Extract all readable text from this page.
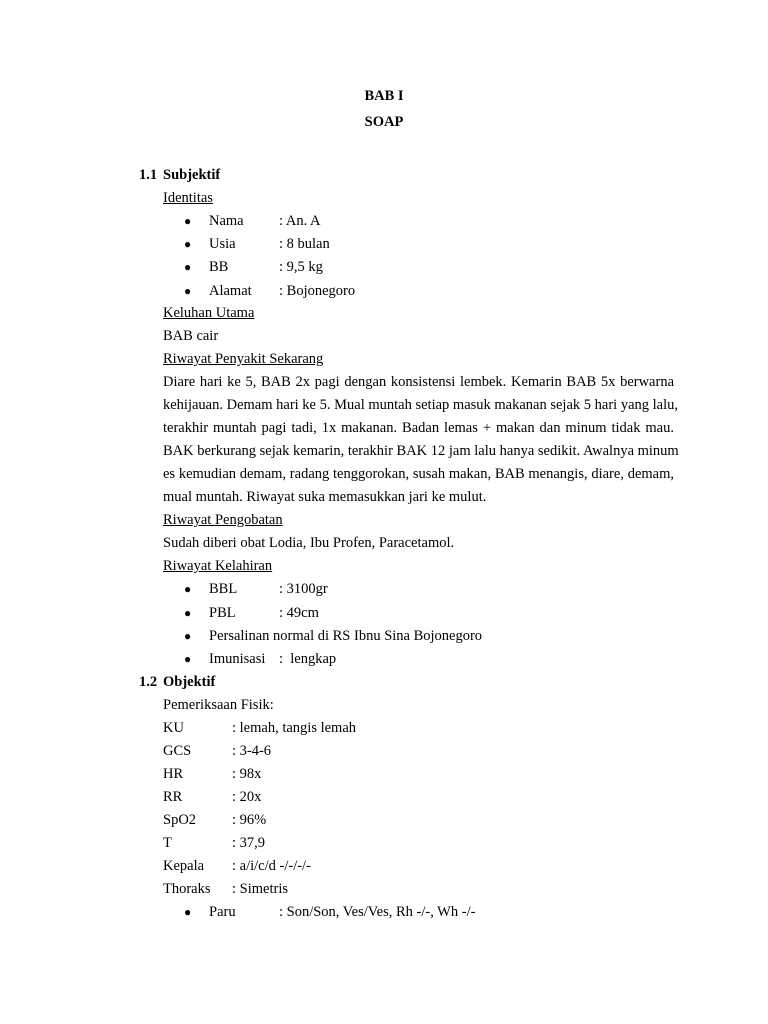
BAB I
SOAP
1.1 Subjektif
Identitas
● Nama : An. A
● Usia	: 8 bulan
● BB	: 9,5 kg
● Alamat : Bojonegoro
Keluhan Utama
BAB cair
Riwayat Penyakit Sekarang
Diare hari ke 5, BAB 2x pagi dengan konsistensi lembek. Kemarin BAB 5x berwarna
kehijauan. Demam hari ke 5. Mual muntah setiap masuk makanan sejak 5 hari yang lalu,
terakhir muntah pagi tadi, 1x makanan. Badan lemas + makan dan minum tidak mau.
BAK berkurang sejak kemarin, terakhir BAK 12 jam lalu hanya sedikit. Awalnya minum
es kemudian demam, radang tenggorokan, susah makan, BAB menangis, diare, demam,
mual muntah. Riwayat suka memasukkan jari ke mulut.
Riwayat Pengobatan
Sudah diberi obat Lodia, Ibu Profen, Paracetamol.
Riwayat Kelahiran
● BBL	: 3100gr
● PBL	: 49cm
● Persalinan normal di RS Ibnu Sina Bojonegoro
● Imunisasi :  lengkap
1.2 Objektif
Pemeriksaan Fisik:
KU	: lemah, tangis lemah
GCS	: 3-4-6
HR	: 98x
RR	: 20x
SpO2 : 96%
T	: 37,9
Kepala : a/i/c/d -/-/-/-
Thoraks : Simetris
● Paru	: Son/Son, Ves/Ves, Rh -/-, Wh -/-
